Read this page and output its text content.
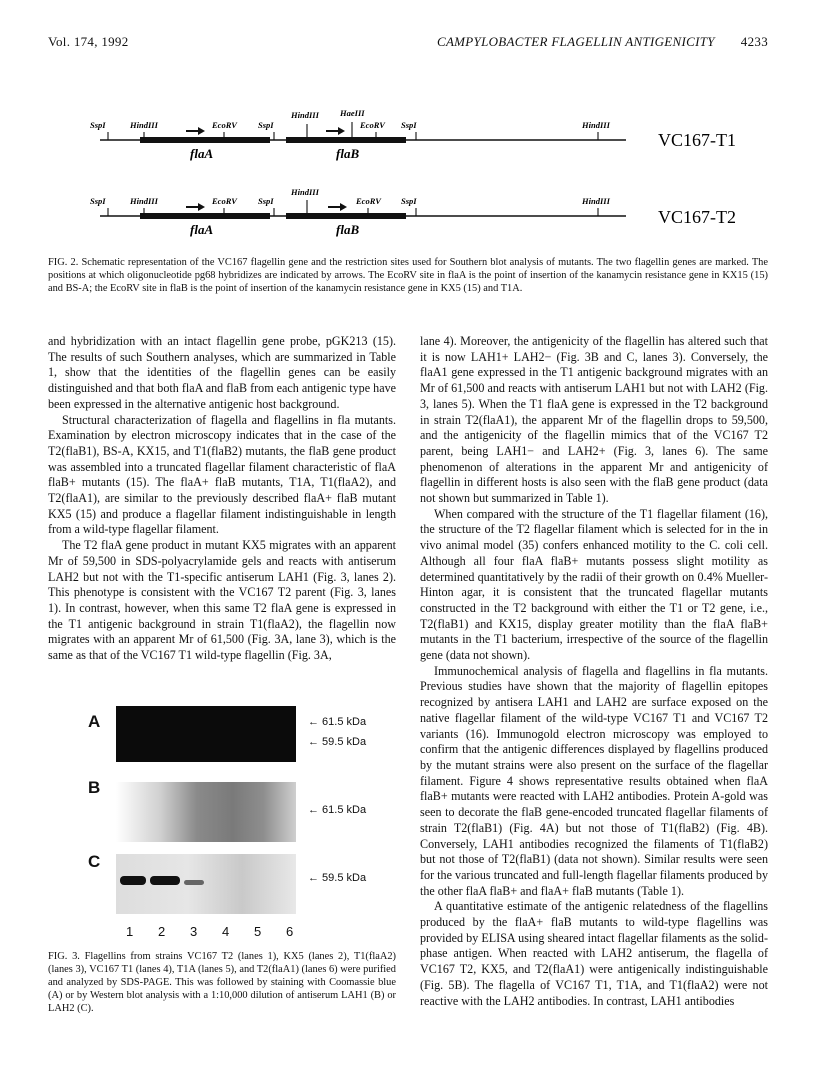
Vol. 174, 1992	CAMPYLOBACTER FLAGELLIN ANTIGENICITY 4233
SspI	HindIII	EcoRV SspI
HindIII HaeIII
EcoRV SspI	HindIII
flaA	flaB
VC167-T1
SspI	HindIII	EcoRV SspI
HindIII
EcoRV SspI	HindIII
flaA	flaB
VC167-T2
FIG. 2. Schematic representation of the VC167 flagellin gene and the restriction sites used for Southern blot analysis of mutants. The two flagellin genes are marked. The positions at which oligonucleotide pg68 hybridizes are indicated by arrows. The EcoRV site in flaA is the point of insertion of the kanamycin resistance gene in KX15 (15) and BS-A; the EcoRV site in flaB is the point of insertion of the kanamycin resistance gene in KX5 (15) and T1A.

and hybridization with an intact flagellin gene probe, pGK213 (15). The results of such Southern analyses, which are summarized in Table 1, show that the identities of the flagellin genes can be easily distinguished and that both flaA and flaB from each antigenic type have been expressed in the alternative antigenic host background.

Structural characterization of flagella and flagellins in fla mutants. Examination by electron microscopy indicates that in the case of the T2(flaB1), BS-A, KX15, and T1(flaB2) mutants, the flaB gene product was assembled into a truncated flagellar filament characteristic of flaA flaB+ mutants (15). The flaA+ flaB mutants, T1A, T1(flaA2), and T2(flaA1), are similar to the previously described flaA+ flaB mutant KX5 (15) and produce a flagellar filament indistinguishable in length from a wild-type flagellar filament.

The T2 flaA gene product in mutant KX5 migrates with an apparent Mr of 59,500 in SDS-polyacrylamide gels and reacts with antiserum LAH2 but not with the T1-specific antiserum LAH1 (Fig. 3, lanes 2). This phenotype is consistent with the VC167 T2 parent (Fig. 3, lanes 1). In contrast, however, when this same T2 flaA gene is expressed in the T1 antigenic background in strain T1(flaA2), the flagellin now migrates with an apparent Mr of 61,500 (Fig. 3A, lane 3), which is the same as that of the VC167 T1 wild-type flagellin (Fig. 3A,

A	← 61.5 kDa
← 59.5 kDa
B
← 61.5 kDa
C
← 59.5 kDa
1 2 3 4 5 6
FIG. 3. Flagellins from strains VC167 T2 (lanes 1), KX5 (lanes 2), T1(flaA2) (lanes 3), VC167 T1 (lanes 4), T1A (lanes 5), and T2(flaA1) (lanes 6) were purified and analyzed by SDS-PAGE. This was followed by staining with Coomassie blue (A) or by Western blot analysis with a 1:10,000 dilution of antiserum LAH1 (B) or LAH2 (C).

lane 4). Moreover, the antigenicity of the flagellin has altered such that it is now LAH1+ LAH2− (Fig. 3B and C, lanes 3). Conversely, the flaA1 gene expressed in the T1 antigenic background migrates with an Mr of 61,500 and reacts with antiserum LAH1 but not with LAH2 (Fig. 3, lanes 5). When the T1 flaA gene is expressed in the T2 background in strain T2(flaA1), the apparent Mr of the flagellin drops to 59,500, and the antigenicity of the flagellin mimics that of the VC167 T2 parent, being LAH1− and LAH2+ (Fig. 3, lanes 6). The same phenomenon of alterations in the apparent Mr and antigenicity of flagellin in different hosts is also seen with the flaB gene product (data not shown but summarized in Table 1).

When compared with the structure of the T1 flagellar filament (16), the structure of the T2 flagellar filament which is selected for in the in vivo animal model (35) confers enhanced motility to the C. coli cell. Although all four flaA flaB+ mutants possess slight motility as determined quantitatively by the radii of their growth on 0.4% Mueller-Hinton agar, it is consistent that the truncated flagellar mutants constructed in the T2 background with either the T1 or T2 gene, i.e., T2(flaB1) and KX15, display greater motility than the flaA flaB+ mutants in the T1 bacterium, irrespective of the source of the flagellin gene (data not shown).

Immunochemical analysis of flagella and flagellins in fla mutants. Previous studies have shown that the majority of flagellin epitopes recognized by antisera LAH1 and LAH2 are surface exposed on the native flagellar filament of the wild-type VC167 T1 and VC167 T2 variants (16). Immunogold electron microscopy was employed to confirm that the antigenic differences displayed by flagellins produced by the mutant strains were also present on the surface of the flagellar filament. Figure 4 shows representative results obtained when flaA flaB+ mutants were reacted with LAH2 antibodies. Protein A-gold was seen to decorate the flaB gene-encoded truncated flagellar filaments of strain T2(flaB1) (Fig. 4A) but not those of T1(flaB2) (Fig. 4B). Conversely, LAH1 antibodies recognized the filaments of T1(flaB2) but not those of T2(flaB1) (data not shown). Similar results were seen for the various truncated and full-length flagellar filaments produced by the other flaA flaB+ and flaA+ flaB mutants (Table 1).

A quantitative estimate of the antigenic relatedness of the flagellins produced by the flaA+ flaB mutants to wild-type flagellins was provided by ELISA using sheared intact flagellar filaments as the solid-phase antigen. When reacted with LAH2 antiserum, the flagella of VC167 T2, KX5, and T2(flaA1) were antigenically indistinguishable (Fig. 5B). The flagella of VC167 T1, T1A, and T1(flaA2) were not reactive with the LAH2 antibodies. In contrast, LAH1 antibodies
